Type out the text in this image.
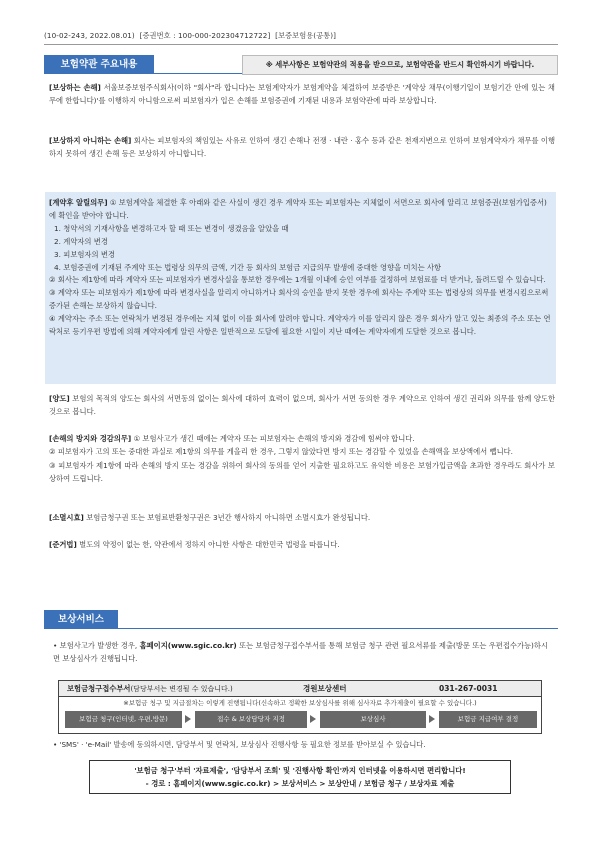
(10-02-243, 2022.08.01) [증권번호 : 100-000-202304712722] [보증보험용(공통)]
보험약관 주요내용	※ 세부사항은 보험약관의 적용을 받으므로, 보험약관을 반드시 확인하시기 바랍니다.
[보상하는 손해] 서울보증보험주식회사(이하 "회사"라 합니다)는 보험계약자가 보험계약을 체결하여 보증받은 '계약상 채무(이행기일이 보험기간 안에 있는 채무에 한합니다)'를 이행하지 아니함으로써 피보험자가 입은 손해를 보험증권에 기재된 내용과 보험약관에 따라 보상합니다.
[보상하지 아니하는 손해] 회사는 피보험자의 책임있는 사유로 인하여 생긴 손해나 전쟁 · 내란 · 홍수 등과 같은 천재지변으로 인하여 보험계약자가 채무를 이행하지 못하여 생긴 손해 등은 보상하지 아니합니다.
[계약후 알릴의무] ① 보험계약을 체결한 후 아래와 같은 사실이 생긴 경우 계약자 또는 피보험자는 지체없이 서면으로 회사에 알리고 보험증권(보험가입증서)에 확인을 받아야 합니다.
1. 청약서의 기재사항을 변경하고자 할 때 또는 변경이 생겼음을 알았을 때
2. 계약자의 변경
3. 피보험자의 변경
4. 보험증권에 기재된 주계약 또는 법령상 의무의 금액, 기간 등 회사의 보험금 지급의무 발생에 중대한 영향을 미치는 사항
② 회사는 제1항에 따라 계약자 또는 피보험자가 변경사실을 통보한 경우에는 1개월 이내에 승인 여부를 결정하여 보험료를 더 받거나, 돌려드릴 수 있습니다.
③ 계약자 또는 피보험자가 제1항에 따라 변경사실을 알리지 아니하거나 회사의 승인을 받지 못한 경우에 회사는 주계약 또는 법령상의 의무를 변경시킴으로써 증가된 손해는 보상하지 않습니다.
④ 계약자는 주소 또는 연락처가 변경된 경우에는 지체 없이 이를 회사에 알려야 합니다. 계약자가 이를 알리지 않은 경우 회사가 알고 있는 최종의 주소 또는 연락처로 등기우편 방법에 의해 계약자에게 알린 사항은 일반적으로 도달에 필요한 시일이 지난 때에는 계약자에게 도달한 것으로 봅니다.
[양도] 보험의 목적의 양도는 회사의 서면동의 없이는 회사에 대하여 효력이 없으며, 회사가 서면 동의한 경우 계약으로 인하여 생긴 권리와 의무를 함께 양도한 것으로 봅니다.
[손해의 방지와 경감의무] ① 보험사고가 생긴 때에는 계약자 또는 피보험자는 손해의 방지와 경감에 힘써야 합니다.
② 피보험자가 고의 또는 중대한 과실로 제1항의 의무를 게을리 한 경우, 그렇지 않았다면 방지 또는 경감할 수 있었을 손해액을 보상액에서 뺍니다.
③ 피보험자가 제1항에 따라 손해의 방지 또는 경감을 위하여 회사의 동의를 얻어 지출한 필요하고도 유익한 비용은 보험가입금액을 초과한 경우라도 회사가 보상하여 드립니다.
[소멸시효] 보험금청구권 또는 보험료반환청구권은 3년간 행사하지 아니하면 소멸시효가 완성됩니다.
[준거법] 별도의 약정이 없는 한, 약관에서 정하지 아니한 사항은 대한민국 법령을 따릅니다.
보상서비스
• 보험사고가 발생한 경우, 홈페이지(www.sgic.co.kr) 또는 보험금청구접수부서를 통해 보험금 청구 관련 필요서류를 제출(방문 또는 우편접수가능)하시면 보상심사가 진행됩니다.
보험금청구접수부서(담당부서는 변경될 수 있습니다.)	경원보상센터	031-267-0031
※보험금 청구 및 지급절차는 이렇게 진행됩니다(신속하고 정확한 보상심사를 위해 심사자료 추가제출이 필요할 수 있습니다.)
보험금 청구(인터넷, 우편,방문)	접수 & 보상담당자 지정	보상심사	보험금 지급여부 결정
• 'SMS' · 'e-Mail' 발송에 동의하시면, 담당부서 및 연락처, 보상심사 진행사항 등 필요한 정보를 받아보실 수 있습니다.
'보험금 청구'부터 '자료제출', '담당부서 조회' 및 '진행사항 확인'까지 인터넷을 이용하시면 편리합니다!
- 경로 : 홈페이지(www.sgic.co.kr) > 보상서비스 > 보상안내 / 보험금 청구 / 보상자료 제출
